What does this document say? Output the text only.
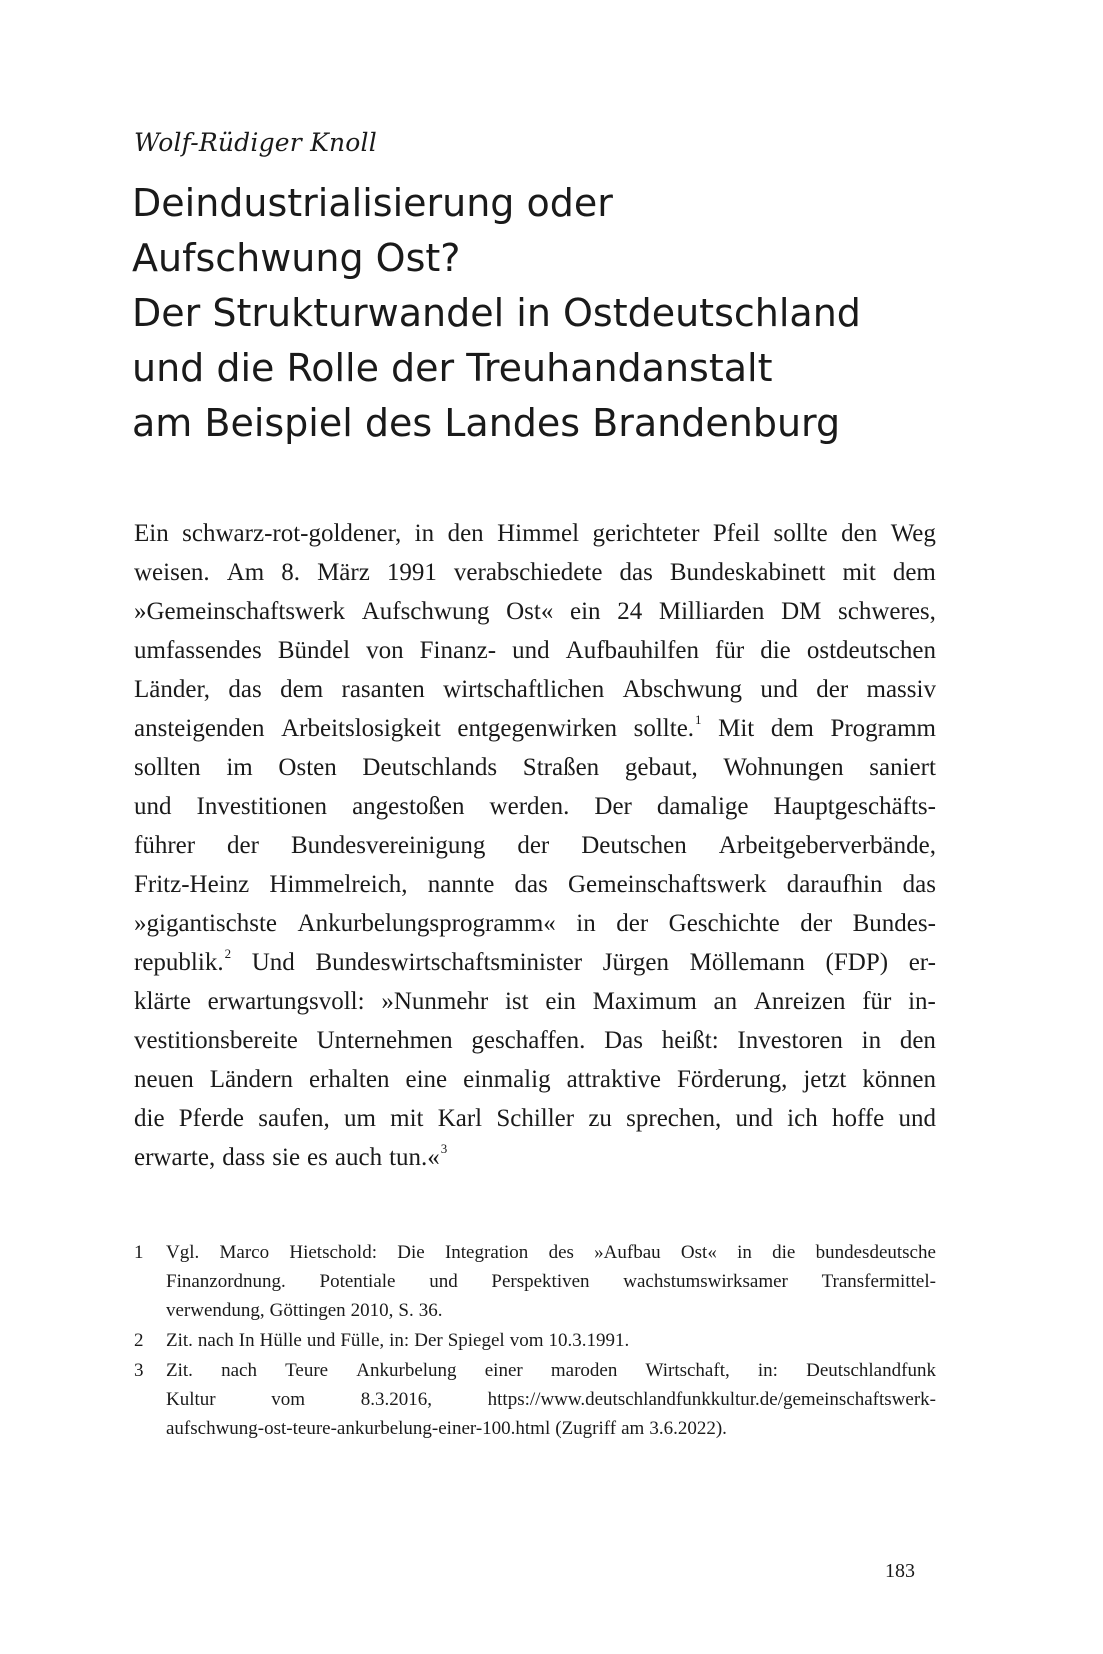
Wolf-Rüdiger Knoll
Deindustrialisierung oder
Aufschwung Ost?
Der Strukturwandel in Ostdeutschland
und die Rolle der Treuhandanstalt
am Beispiel des Landes Brandenburg
Ein schwarz-rot-goldener, in den Himmel gerichteter Pfeil sollte den Weg
weisen. Am 8. März 1991 verabschiedete das Bundeskabinett mit dem
»Gemeinschaftswerk Aufschwung Ost« ein 24 Milliarden DM schweres,
umfassendes Bündel von Finanz- und Aufbauhilfen für die ostdeutschen
Länder, das dem rasanten wirtschaftlichen Abschwung und der massiv
ansteigenden Arbeitslosigkeit entgegenwirken sollte.$^1$ Mit dem Programm
sollten im Osten Deutschlands Straßen gebaut, Wohnungen saniert
und Investitionen angestoßen werden. Der damalige Hauptgeschäfts-
führer der Bundesvereinigung der Deutschen Arbeitgeberverbände,
Fritz-Heinz Himmelreich, nannte das Gemeinschaftswerk daraufhin das
»gigantischste Ankurbelungsprogramm« in der Geschichte der Bundes-
republik.$^2$ Und Bundeswirtschaftsminister Jürgen Möllemann (FDP) er-
klärte erwartungsvoll: »Nunmehr ist ein Maximum an Anreizen für in-
vestitionsbereite Unternehmen geschaffen. Das heißt: Investoren in den
neuen Ländern erhalten eine einmalig attraktive Förderung, jetzt können
die Pferde saufen, um mit Karl Schiller zu sprechen, und ich hoffe und
erwarte, dass sie es auch tun.«$^3$
1 Vgl. Marco Hietschold: Die Integration des »Aufbau Ost« in die bundesdeutsche
Finanzordnung. Potentiale und Perspektiven wachstumswirksamer Transfermittel-
verwendung, Göttingen 2010, S. 36.
2 Zit. nach In Hülle und Fülle, in: Der Spiegel vom 10.3.1991.
3 Zit. nach Teure Ankurbelung einer maroden Wirtschaft, in: Deutschlandfunk
Kultur	vom	8.3.2016,	https://www.deutschlandfunkkultur.de/gemeinschaftswerk-
aufschwung-ost-teure-ankurbelung-einer-100.html (Zugriff am 3.6.2022).
183
